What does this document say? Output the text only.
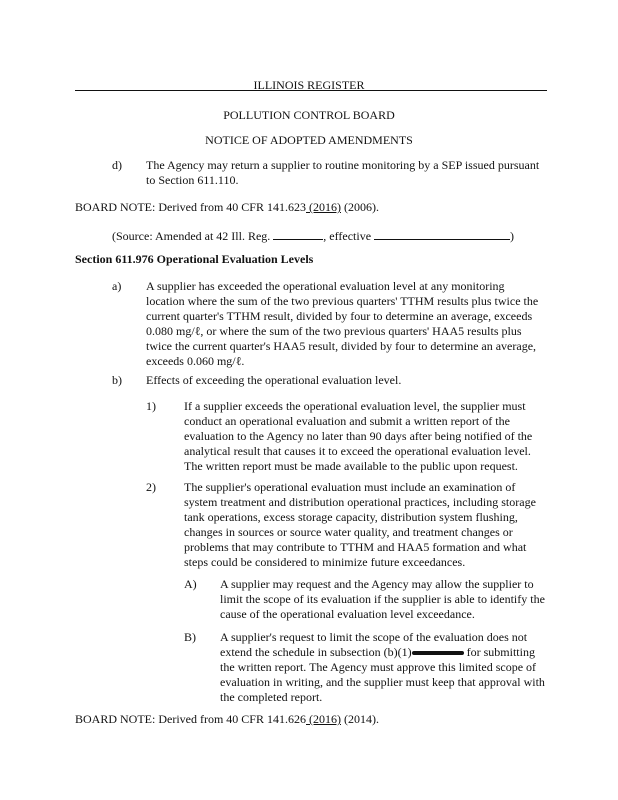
ILLINOIS REGISTER
POLLUTION CONTROL BOARD
NOTICE OF ADOPTED AMENDMENTS
d) The Agency may return a supplier to routine monitoring by a SEP issued pursuant to Section 611.110.
BOARD NOTE: Derived from 40 CFR 141.623 (2016) (2006).
(Source: Amended at 42 Ill. Reg.	, effective	)
Section 611.976 Operational Evaluation Levels
a) A supplier has exceeded the operational evaluation level at any monitoring location where the sum of the two previous quarters' TTHM results plus twice the current quarter's TTHM result, divided by four to determine an average, exceeds 0.080 mg/ℓ, or where the sum of the two previous quarters' HAA5 results plus twice the current quarter's HAA5 result, divided by four to determine an average, exceeds 0.060 mg/ℓ.
b) Effects of exceeding the operational evaluation level.
1) If a supplier exceeds the operational evaluation level, the supplier must conduct an operational evaluation and submit a written report of the evaluation to the Agency no later than 90 days after being notified of the analytical result that causes it to exceed the operational evaluation level. The written report must be made available to the public upon request.
2) The supplier's operational evaluation must include an examination of system treatment and distribution operational practices, including storage tank operations, excess storage capacity, distribution system flushing, changes in sources or source water quality, and treatment changes or problems that may contribute to TTHM and HAA5 formation and what steps could be considered to minimize future exceedances.
A) A supplier may request and the Agency may allow the supplier to limit the scope of its evaluation if the supplier is able to identify the cause of the operational evaluation level exceedance.
B) A supplier's request to limit the scope of the evaluation does not extend the schedule in subsection (b)(1)	for submitting the written report. The Agency must approve this limited scope of evaluation in writing, and the supplier must keep that approval with the completed report.
BOARD NOTE: Derived from 40 CFR 141.626 (2016) (2014).
